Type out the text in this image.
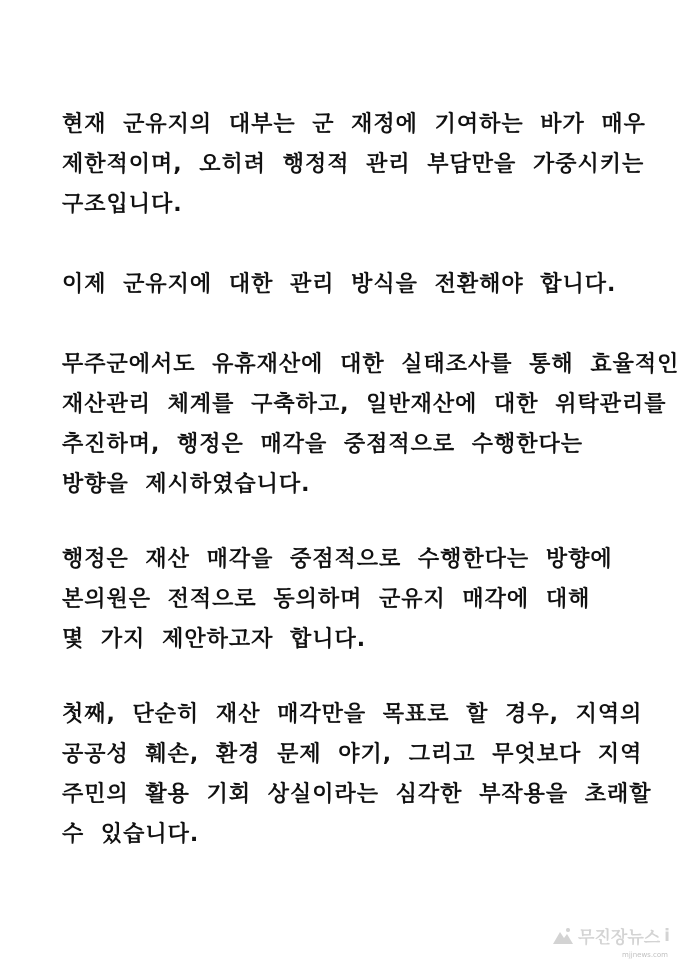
현재 군유지의 대부는 군 재정에 기여하는 바가 매우
제한적이며, 오히려 행정적 관리 부담만을 가중시키는
구조입니다.
이제 군유지에 대한 관리 방식을 전환해야 합니다.
무주군에서도 유휴재산에 대한 실태조사를 통해 효율적인
재산관리 체계를 구축하고, 일반재산에 대한 위탁관리를
추진하며, 행정은 매각을 중점적으로 수행한다는
방향을 제시하였습니다.
행정은 재산 매각을 중점적으로 수행한다는 방향에
본의원은 전적으로 동의하며 군유지 매각에 대해
몇 가지 제안하고자 합니다.
첫째, 단순히 재산 매각만을 목표로 할 경우, 지역의
공공성 훼손, 환경 문제 야기, 그리고 무엇보다 지역
주민의 활용 기회 상실이라는 심각한 부작용을 초래할
수 있습니다.
무진장뉴스 i
mjjnews.com
